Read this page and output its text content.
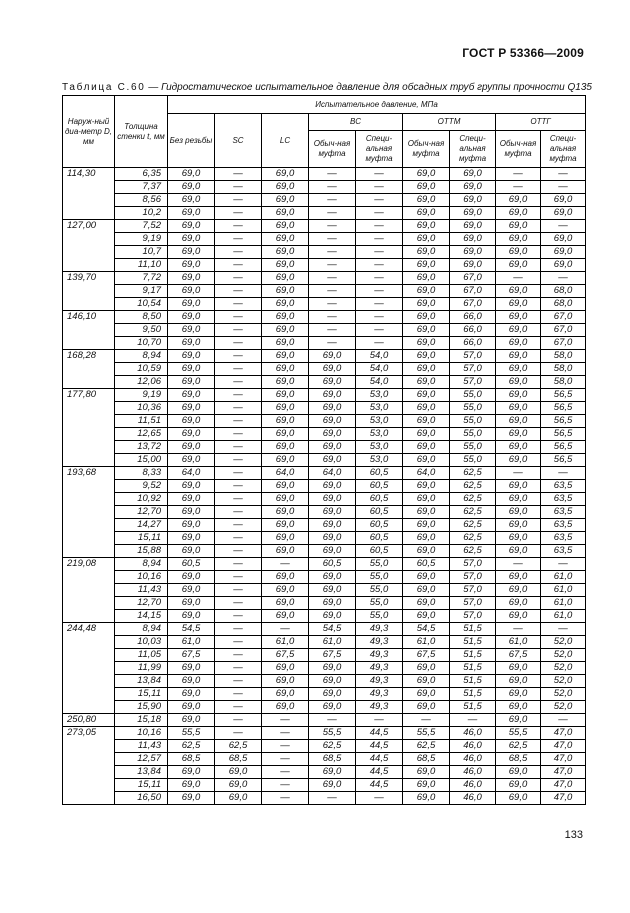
ГОСТ Р 53366—2009
Таблица С.60 — Гидростатическое испытательное давление для обсадных труб группы прочности Q135
Наруж-ный диа-метр D, мм	Толщина стенки t, мм	Испытательное давление, МПа								
		Без резьбы	SC	LC	ВС		ОТТМ		ОТТГ	
					Обыч-ная муфта	Специ-альная муфта	Обыч-ная муфта	Специ-альная муфта	Обыч-ная муфта	Специ-альная муфта
114,30	6,35	69,0	—	69,0	—	—	69,0	69,0	—	—
	7,37	69,0	—	69,0	—	—	69,0	69,0	—	—
	8,56	69,0	—	69,0	—	—	69,0	69,0	69,0	69,0
	10,2	69,0	—	69,0	—	—	69,0	69,0	69,0	69,0
127,00	7,52	69,0	—	69,0	—	—	69,0	69,0	69,0	—
	9,19	69,0	—	69,0	—	—	69,0	69,0	69,0	69,0
	10,7	69,0	—	69,0	—	—	69,0	69,0	69,0	69,0
	11,10	69,0	—	69,0	—	—	69,0	69,0	69,0	69,0
139,70	7,72	69,0	—	69,0	—	—	69,0	67,0	—	—
	9,17	69,0	—	69,0	—	—	69,0	67,0	69,0	68,0
	10,54	69,0	—	69,0	—	—	69,0	67,0	69,0	68,0
146,10	8,50	69,0	—	69,0	—	—	69,0	66,0	69,0	67,0
	9,50	69,0	—	69,0	—	—	69,0	66,0	69,0	67,0
	10,70	69,0	—	69,0	—	—	69,0	66,0	69,0	67,0
168,28	8,94	69,0	—	69,0	69,0	54,0	69,0	57,0	69,0	58,0
	10,59	69,0	—	69,0	69,0	54,0	69,0	57,0	69,0	58,0
	12,06	69,0	—	69,0	69,0	54,0	69,0	57,0	69,0	58,0
177,80	9,19	69,0	—	69,0	69,0	53,0	69,0	55,0	69,0	56,5
	10,36	69,0	—	69,0	69,0	53,0	69,0	55,0	69,0	56,5
	11,51	69,0	—	69,0	69,0	53,0	69,0	55,0	69,0	56,5
	12,65	69,0	—	69,0	69,0	53,0	69,0	55,0	69,0	56,5
	13,72	69,0	—	69,0	69,0	53,0	69,0	55,0	69,0	56,5
	15,00	69,0	—	69,0	69,0	53,0	69,0	55,0	69,0	56,5
193,68	8,33	64,0	—	64,0	64,0	60,5	64,0	62,5	—	—
	9,52	69,0	—	69,0	69,0	60,5	69,0	62,5	69,0	63,5
	10,92	69,0	—	69,0	69,0	60,5	69,0	62,5	69,0	63,5
	12,70	69,0	—	69,0	69,0	60,5	69,0	62,5	69,0	63,5
	14,27	69,0	—	69,0	69,0	60,5	69,0	62,5	69,0	63,5
	15,11	69,0	—	69,0	69,0	60,5	69,0	62,5	69,0	63,5
	15,88	69,0	—	69,0	69,0	60,5	69,0	62,5	69,0	63,5
219,08	8,94	60,5	—	—	60,5	55,0	60,5	57,0	—	—
	10,16	69,0	—	69,0	69,0	55,0	69,0	57,0	69,0	61,0
	11,43	69,0	—	69,0	69,0	55,0	69,0	57,0	69,0	61,0
	12,70	69,0	—	69,0	69,0	55,0	69,0	57,0	69,0	61,0
	14,15	69,0	—	69,0	69,0	55,0	69,0	57,0	69,0	61,0
244,48	8,94	54,5	—	—	54,5	49,3	54,5	51,5	—	—
	10,03	61,0	—	61,0	61,0	49,3	61,0	51,5	61,0	52,0
	11,05	67,5	—	67,5	67,5	49,3	67,5	51,5	67,5	52,0
	11,99	69,0	—	69,0	69,0	49,3	69,0	51,5	69,0	52,0
	13,84	69,0	—	69,0	69,0	49,3	69,0	51,5	69,0	52,0
	15,11	69,0	—	69,0	69,0	49,3	69,0	51,5	69,0	52,0
	15,90	69,0	—	69,0	69,0	49,3	69,0	51,5	69,0	52,0
250,80	15,18	69,0	—	—	—	—	—	—	69,0	—
273,05	10,16	55,5	—	—	55,5	44,5	55,5	46,0	55,5	47,0
	11,43	62,5	62,5	—	62,5	44,5	62,5	46,0	62,5	47,0
	12,57	68,5	68,5	—	68,5	44,5	68,5	46,0	68,5	47,0
	13,84	69,0	69,0	—	69,0	44,5	69,0	46,0	69,0	47,0
	15,11	69,0	69,0	—	69,0	44,5	69,0	46,0	69,0	47,0
	16,50	69,0	69,0	—	—	—	69,0	46,0	69,0	47,0
133
